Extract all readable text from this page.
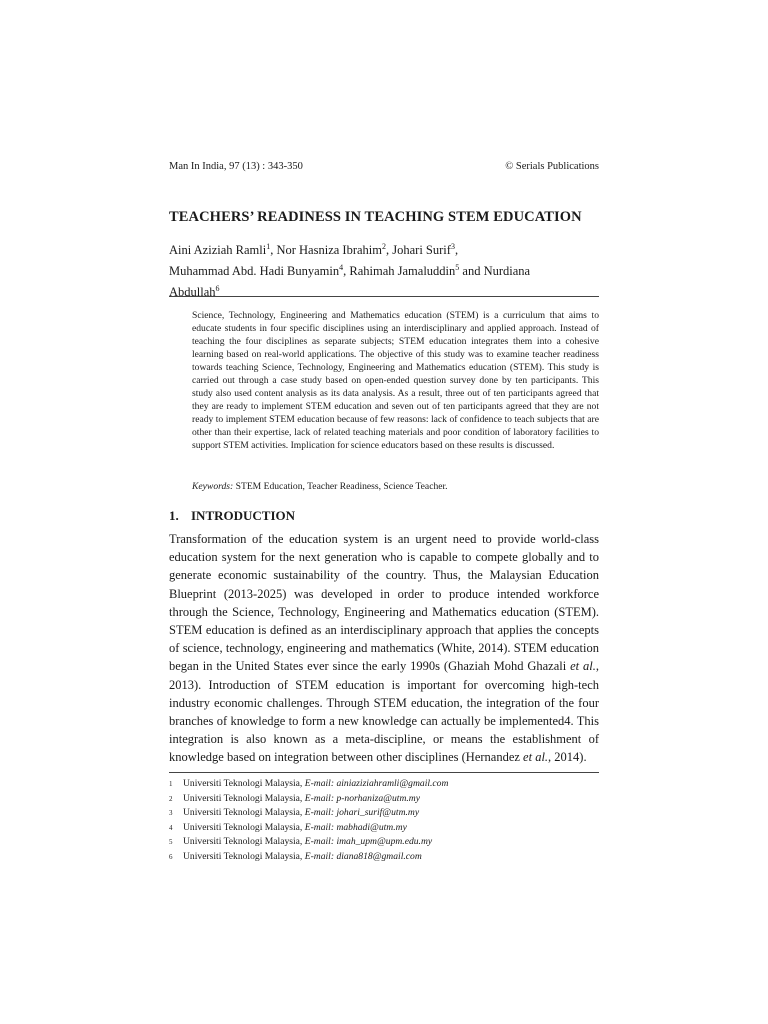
Man In India, 97 (13) : 343-350	© Serials Publications
TEACHERS’ READINESS IN TEACHING STEM EDUCATION
Aini Aziziah Ramli$^1$, Nor Hasniza Ibrahim$^2$, Johari Surif$^3$,
Muhammad Abd. Hadi Bunyamin$^4$, Rahimah Jamaluddin$^5$ and Nurdiana
Abdullah$^6$
Science, Technology, Engineering and Mathematics education (STEM) is a curriculum that aims to educate students in four specific disciplines using an interdisciplinary and applied approach. Instead of teaching the four disciplines as separate subjects; STEM education integrates them into a cohesive learning based on real-world applications. The objective of this study was to examine teacher readiness towards teaching Science, Technology, Engineering and Mathematics education (STEM). This study is carried out through a case study based on open-ended question survey done by ten participants. This study also used content analysis as its data analysis. As a result, three out of ten participants agreed that they are ready to implement STEM education and seven out of ten participants agreed that they are not ready to implement STEM education because of few reasons: lack of confidence to teach subjects that are other than their expertise, lack of related teaching materials and poor condition of laboratory facilities to support STEM activities. Implication for science educators based on these results is discussed.
Keywords: STEM Education, Teacher Readiness, Science Teacher.
1. INTRODUCTION
Transformation of the education system is an urgent need to provide world-class education system for the next generation who is capable to compete globally and to generate economic sustainability of the country. Thus, the Malaysian Education Blueprint (2013-2025) was developed in order to produce intended workforce through the Science, Technology, Engineering and Mathematics education (STEM). STEM education is defined as an interdisciplinary approach that applies the concepts of science, technology, engineering and mathematics (White, 2014). STEM education began in the United States ever since the early 1990s (Ghaziah Mohd Ghazali et al., 2013). Introduction of STEM education is important for overcoming high-tech industry economic challenges. Through STEM education, the integration of the four branches of knowledge to form a new knowledge can actually be implemented4. This integration is also known as a meta-discipline, or means the establishment of knowledge based on integration between other disciplines (Hernandez et al., 2014).
1	Universiti Teknologi Malaysia, E-mail: ainiaziziahramli@gmail.com
2	Universiti Teknologi Malaysia, E-mail: p-norhaniza@utm.my
3	Universiti Teknologi Malaysia, E-mail: johari_surif@utm.my
4	Universiti Teknologi Malaysia, E-mail: mabhadi@utm.my
5	Universiti Teknologi Malaysia, E-mail: imah_upm@upm.edu.my
6	Universiti Teknologi Malaysia, E-mail: diana818@gmail.com
